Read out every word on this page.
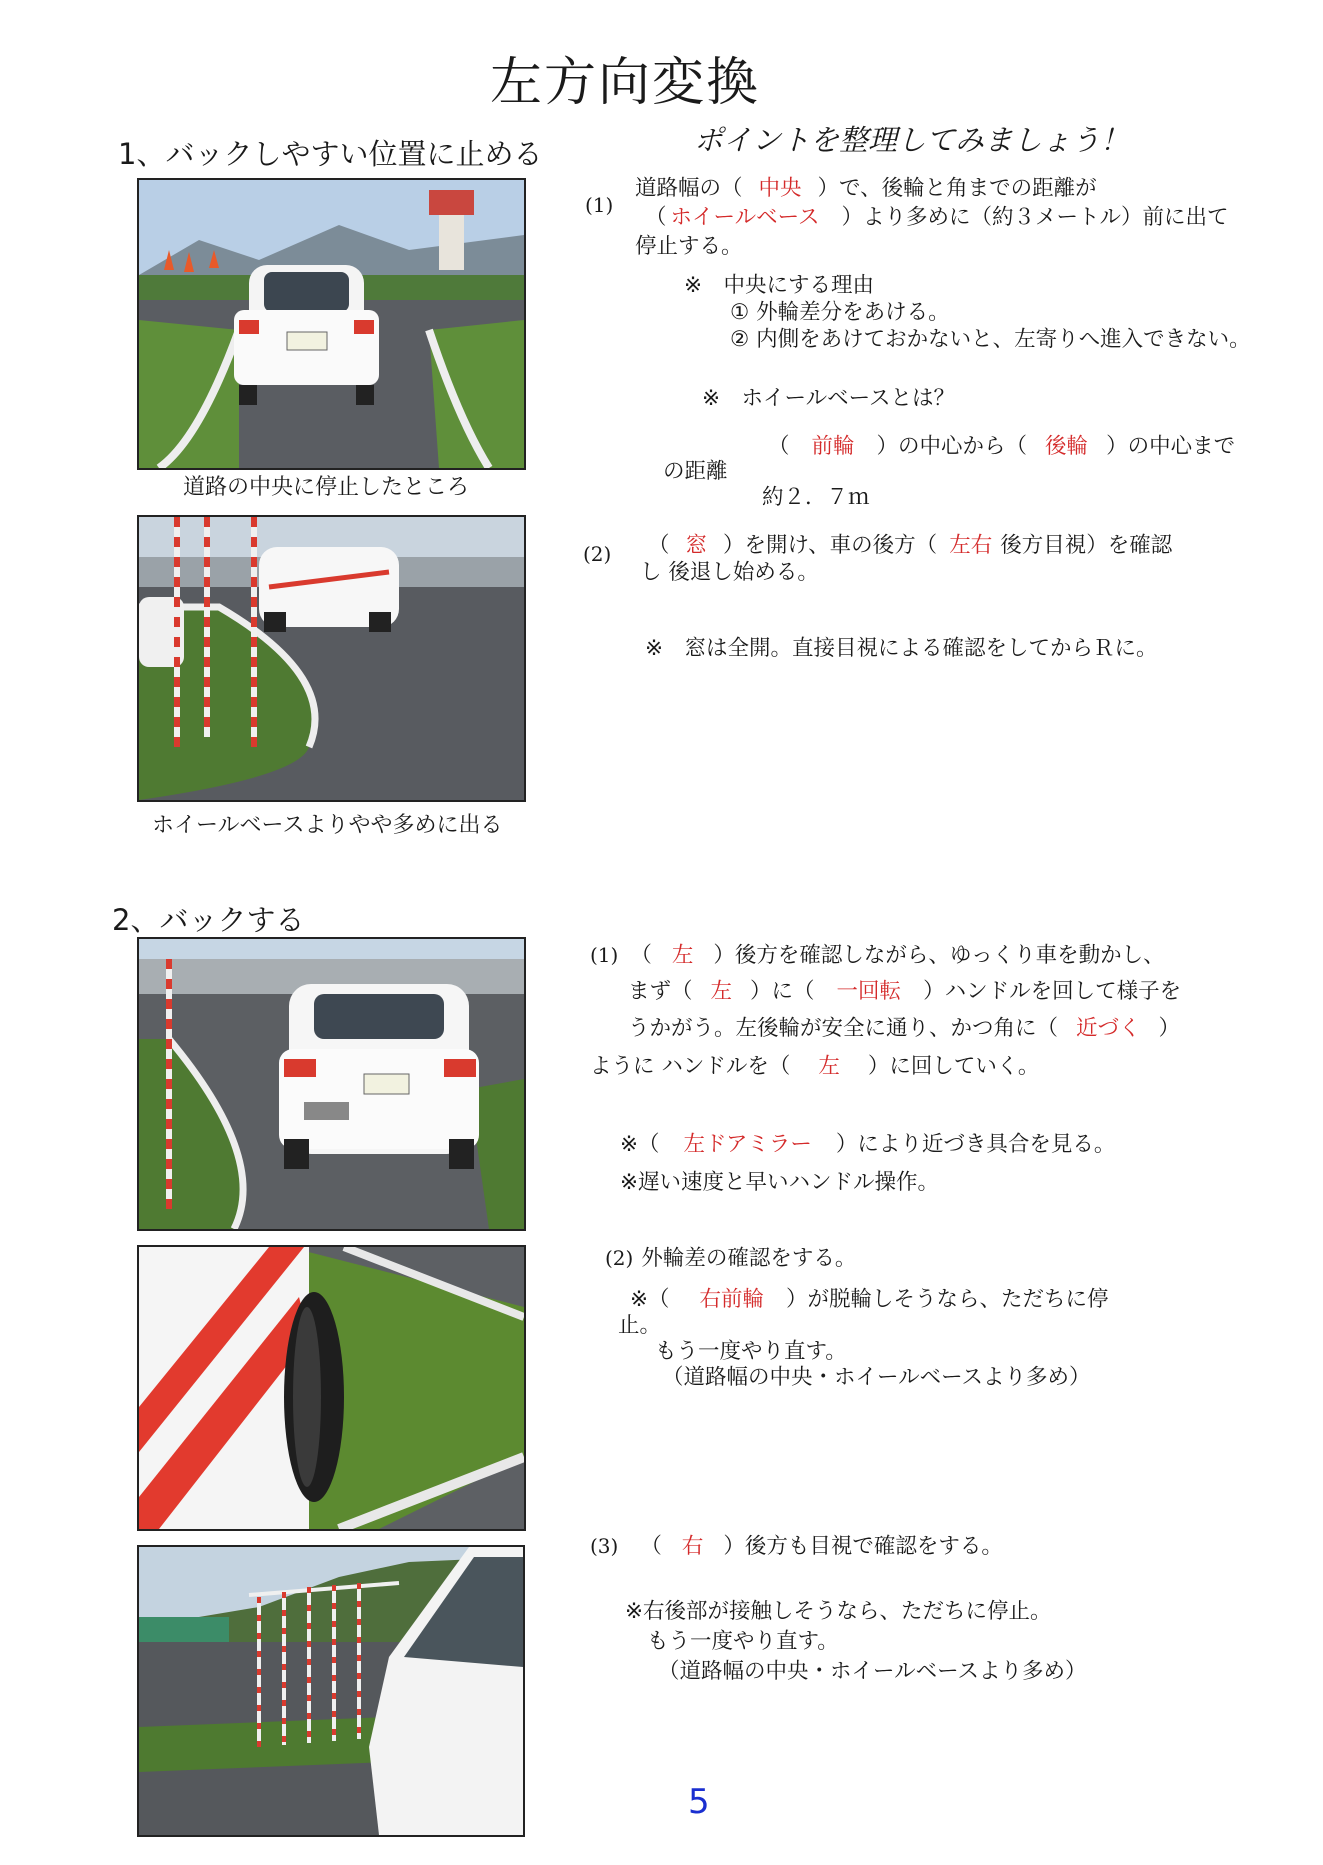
左方向変換
1、バックしやすい位置に止める	ポイントを整理してみましょう！
道路の中央に停止したところ
ホイールベースよりやや多めに出る
(1)
道路幅の（ 中央 ）で、後輪と角までの距離が
（ ホイールベース ）より多めに（約３メートル）前に出て
停止する。
※　中央にする理由
① 外輪差分をあける。
② 内側をあけておかないと、左寄りへ進入できない。
※　ホイールベースとは？
（ 前輪 ）の中心から（ 後輪 ）の中心まで
の距離
約２．７ｍ
(2) （ 窓 ）を開け、車の後方（ 左右 後方目視）を確認
し 後退し始める。
※　窓は全開。直接目視による確認をしてからＲに。
2、バックする
(1) （ 左 ）後方を確認しながら、ゆっくり車を動かし、
まず（ 左 ）に（ 一回転 ）ハンドルを回して様子を
うかがう。左後輪が安全に通り、かつ角に（ 近づく ）
ように ハンドルを（ 左 ）に回していく。
※（ 左ドアミラー ）により近づき具合を見る。
※遅い速度と早いハンドル操作。
(2) 外輪差の確認をする。
※（ 右前輪 ）が脱輪しそうなら、ただちに停
止。
もう一度やり直す。
（道路幅の中央・ホイールベースより多め）
(3) （ 右 ）後方も目視で確認をする。
※右後部が接触しそうなら、ただちに停止。
もう一度やり直す。
（道路幅の中央・ホイールベースより多め）
5
